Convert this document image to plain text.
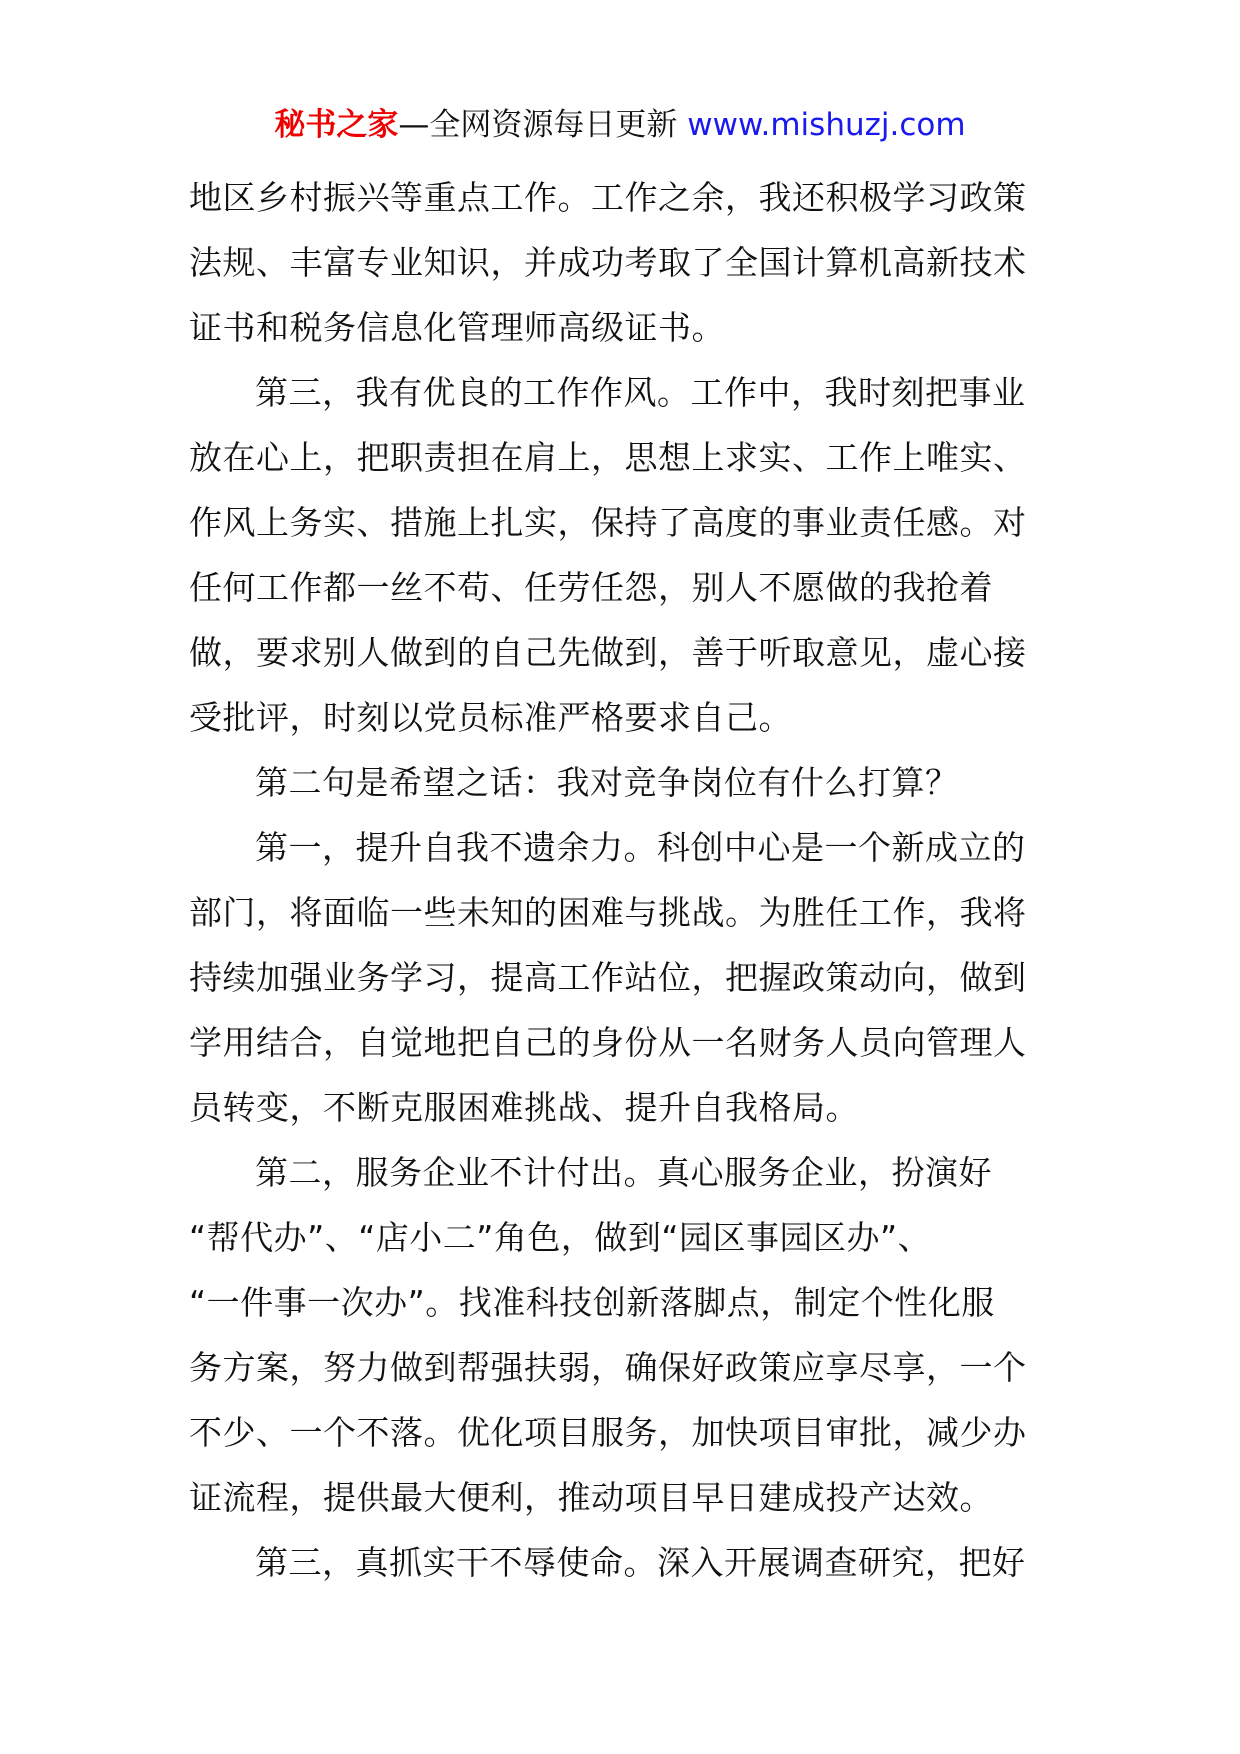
秘书之家—全网资源每日更新 www.mishuzj.com
地区乡村振兴等重点工作。工作之余，我还积极学习政策
法规、丰富专业知识，并成功考取了全国计算机高新技术
证书和税务信息化管理师高级证书。
第三，我有优良的工作作风。工作中，我时刻把事业
放在心上，把职责担在肩上，思想上求实、工作上唯实、
作风上务实、措施上扎实，保持了高度的事业责任感。对
任何工作都一丝不苟、任劳任怨，别人不愿做的我抢着
做，要求别人做到的自己先做到，善于听取意见，虚心接
受批评，时刻以党员标准严格要求自己。
第二句是希望之话：我对竞争岗位有什么打算？
第一，提升自我不遗余力。科创中心是一个新成立的
部门，将面临一些未知的困难与挑战。为胜任工作，我将
持续加强业务学习，提高工作站位，把握政策动向，做到
学用结合，自觉地把自己的身份从一名财务人员向管理人
员转变，不断克服困难挑战、提升自我格局。
第二，服务企业不计付出。真心服务企业，扮演好
“帮代办”、“店小二”角色，做到“园区事园区办”、
“一件事一次办”。找准科技创新落脚点，制定个性化服
务方案，努力做到帮强扶弱，确保好政策应享尽享，一个
不少、一个不落。优化项目服务，加快项目审批，减少办
证流程，提供最大便利，推动项目早日建成投产达效。
第三，真抓实干不辱使命。深入开展调查研究，把好
